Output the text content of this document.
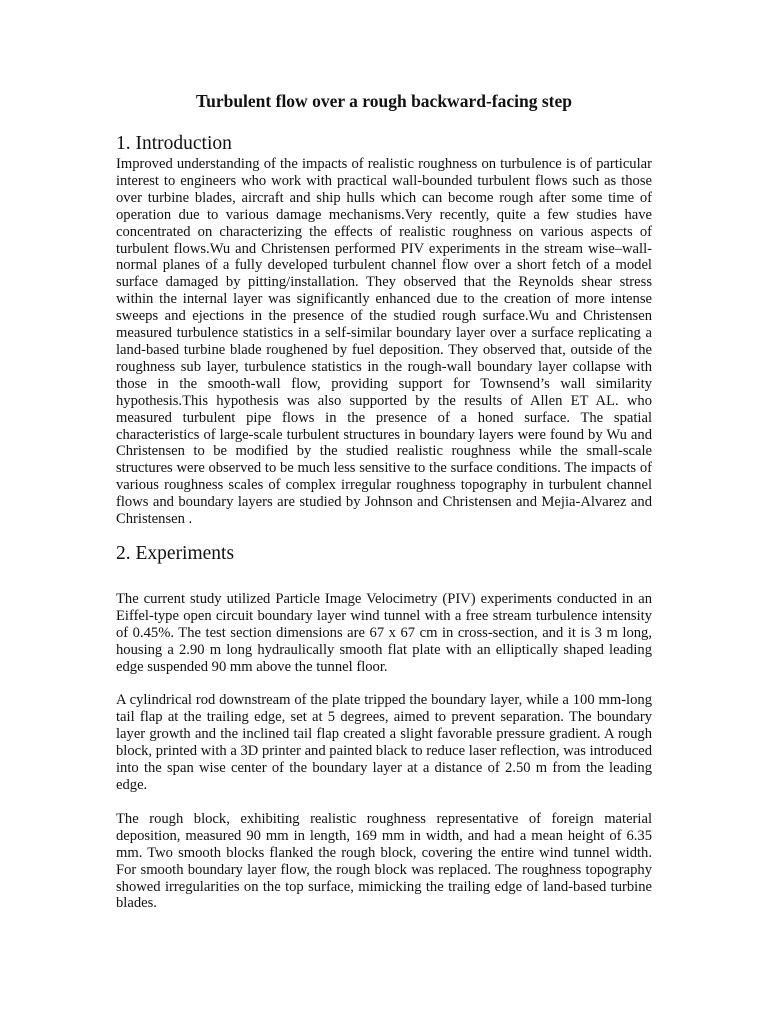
Turbulent flow over a rough backward-facing step
1. Introduction

Improved understanding of the impacts of realistic roughness on turbulence is of particular interest to engineers who work with practical wall-bounded turbulent flows such as those over turbine blades, aircraft and ship hulls which can become rough after some time of operation due to various damage mechanisms.Very recently, quite a few studies have concentrated on characterizing the effects of realistic roughness on various aspects of turbulent flows.Wu and Christensen performed PIV experiments in the stream wise–wall-normal planes of a fully developed turbulent channel flow over a short fetch of a model surface damaged by pitting/installation. They observed that the Reynolds shear stress within the internal layer was significantly enhanced due to the creation of more intense sweeps and ejections in the presence of the studied rough surface.Wu and Christensen measured turbulence statistics in a self-similar boundary layer over a surface replicating a land-based turbine blade roughened by fuel deposition. They observed that, outside of the roughness sub layer, turbulence statistics in the rough-wall boundary layer collapse with those in the smooth-wall flow, providing support for Townsend’s wall similarity hypothesis.This hypothesis was also supported by the results of Allen ET AL. who measured turbulent pipe flows in the presence of a honed surface. The spatial characteristics of large-scale turbulent structures in boundary layers were found by Wu and Christensen to be modified by the studied realistic roughness while the small-scale structures were observed to be much less sensitive to the surface conditions. The impacts of various roughness scales of complex irregular roughness topography in turbulent channel flows and boundary layers are studied by Johnson and Christensen and Mejia-Alvarez and Christensen .

2. Experiments

The current study utilized Particle Image Velocimetry (PIV) experiments conducted in an Eiffel-type open circuit boundary layer wind tunnel with a free stream turbulence intensity of 0.45%. The test section dimensions are 67 x 67 cm in cross-section, and it is 3 m long, housing a 2.90 m long hydraulically smooth flat plate with an elliptically shaped leading edge suspended 90 mm above the tunnel floor.

A cylindrical rod downstream of the plate tripped the boundary layer, while a 100 mm-long tail flap at the trailing edge, set at 5 degrees, aimed to prevent separation. The boundary layer growth and the inclined tail flap created a slight favorable pressure gradient. A rough block, printed with a 3D printer and painted black to reduce laser reflection, was introduced into the span wise center of the boundary layer at a distance of 2.50 m from the leading edge.

The rough block, exhibiting realistic roughness representative of foreign material deposition, measured 90 mm in length, 169 mm in width, and had a mean height of 6.35 mm. Two smooth blocks flanked the rough block, covering the entire wind tunnel width. For smooth boundary layer flow, the rough block was replaced. The roughness topography showed irregularities on the top surface, mimicking the trailing edge of land-based turbine blades.
